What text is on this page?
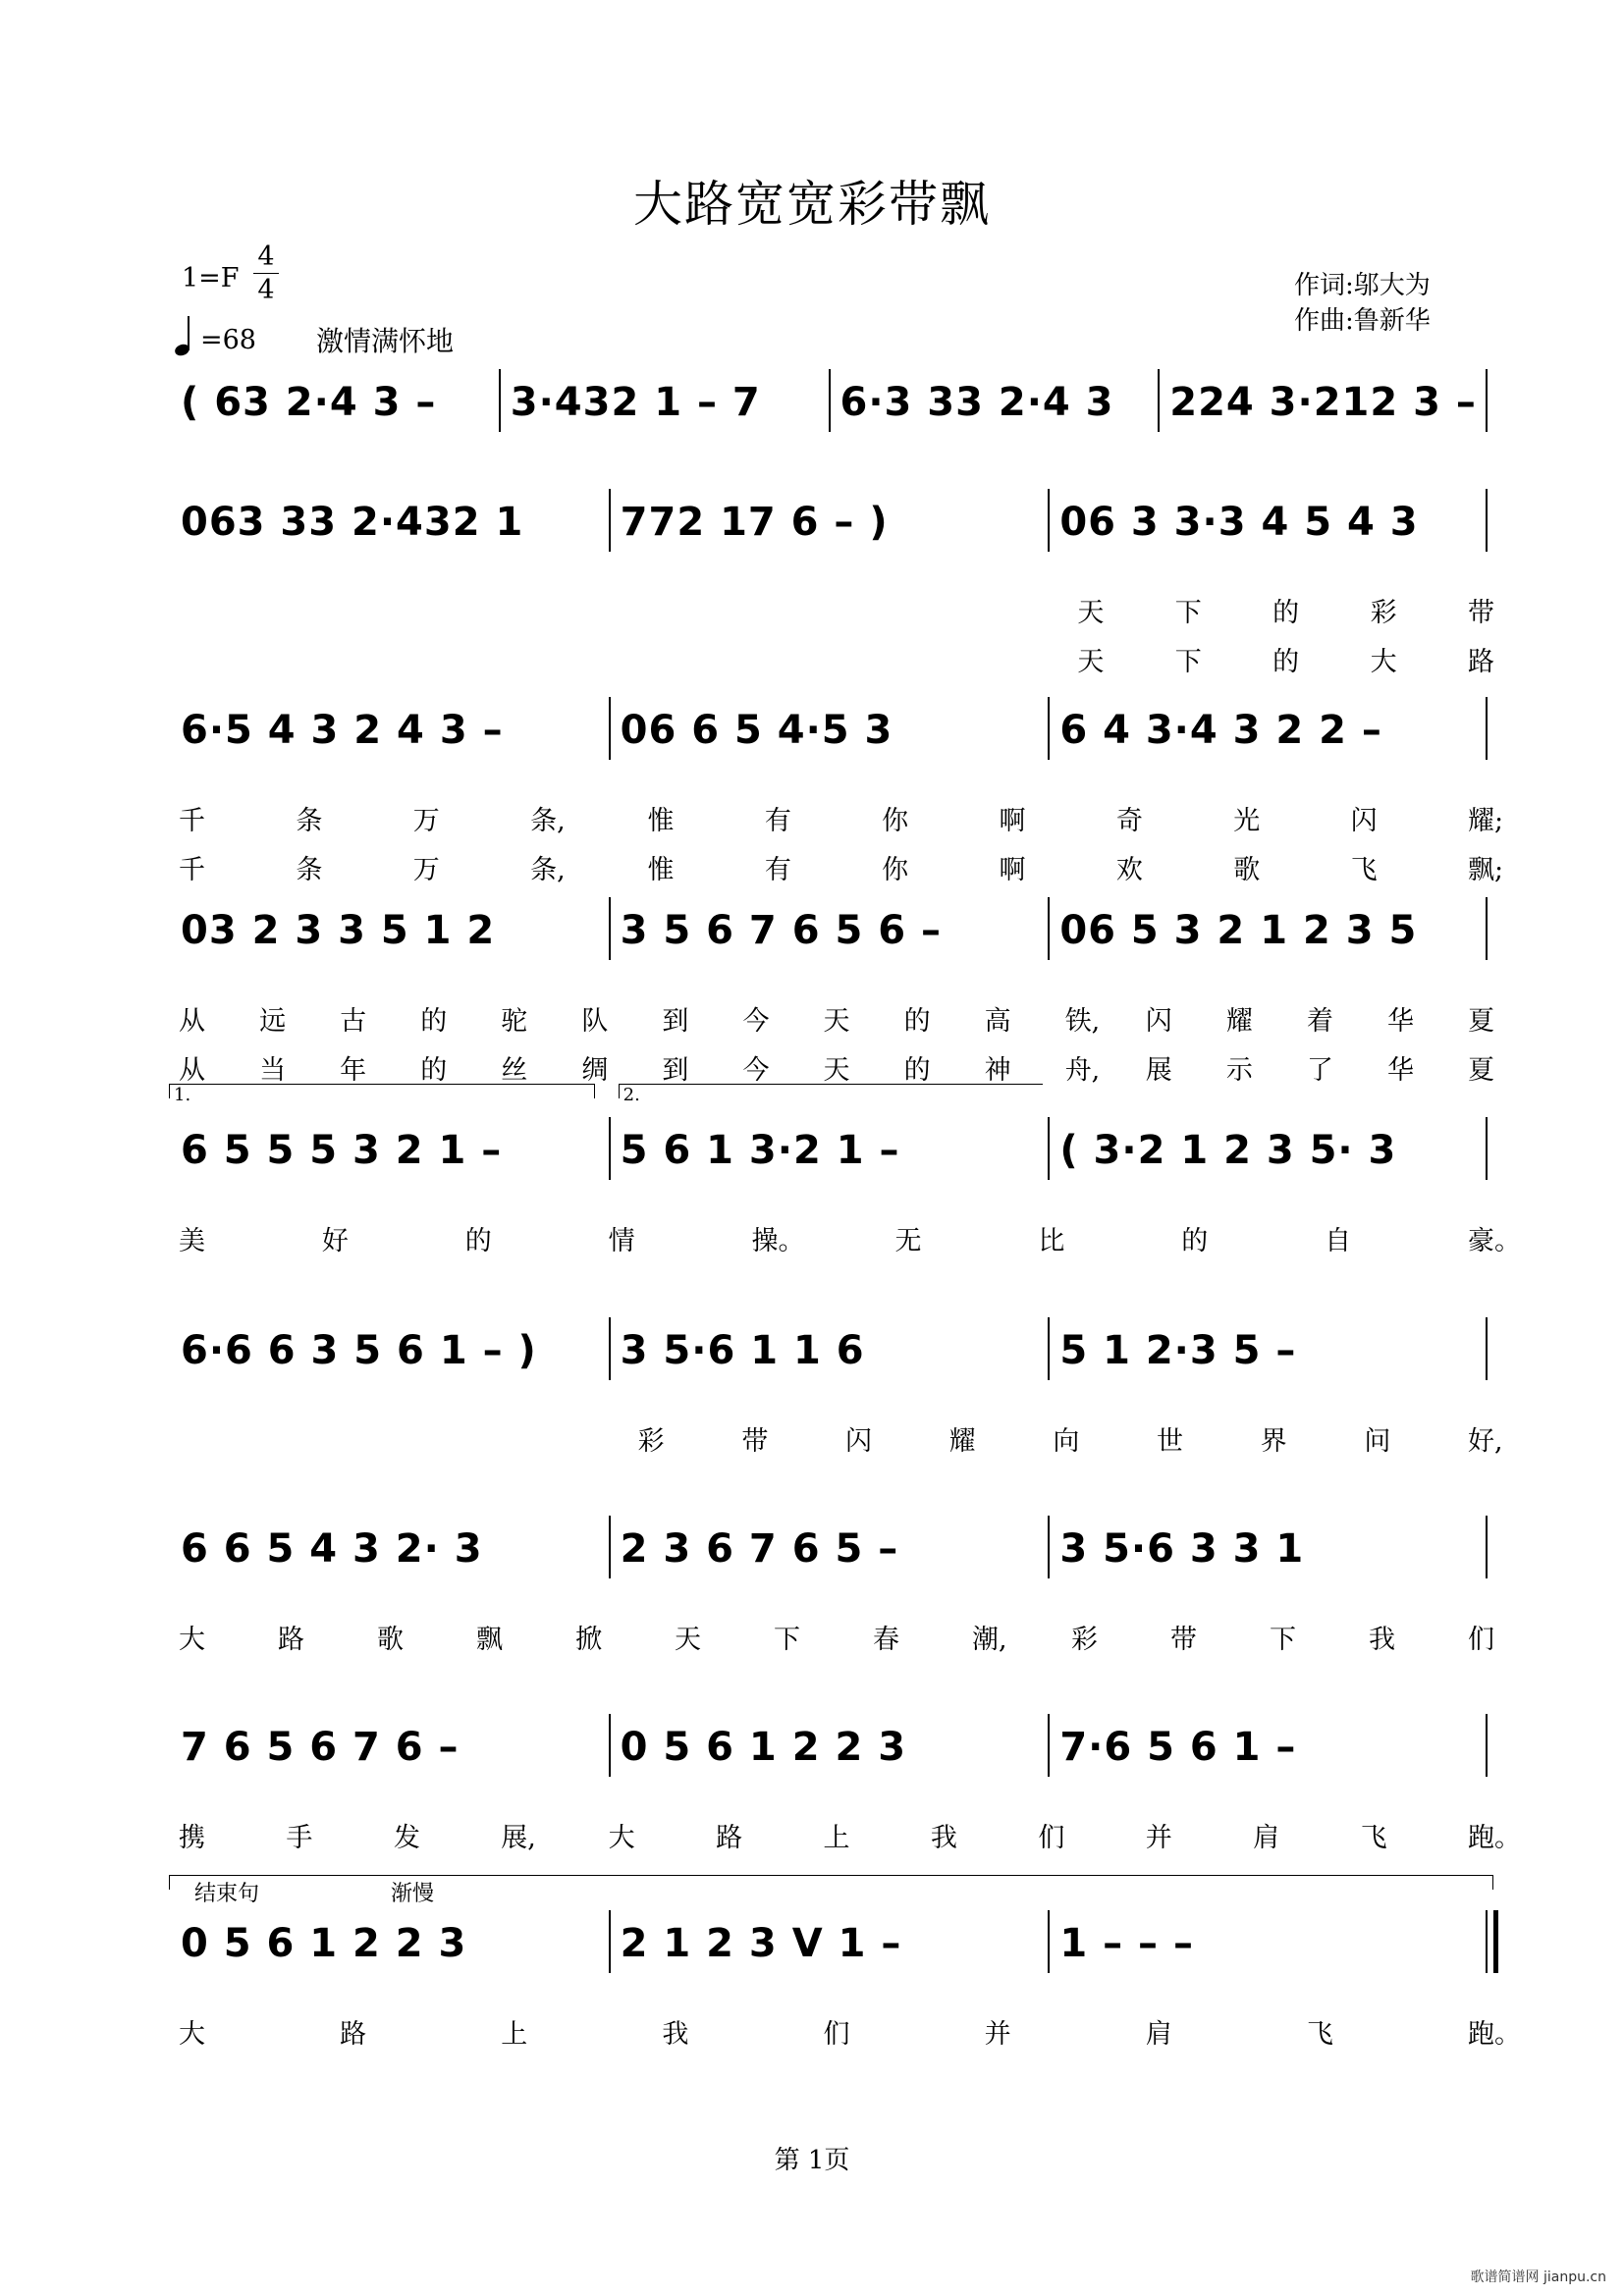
大路宽宽彩带飘
1=F
4
4
=68 激情满怀地
作词:邬大为
作曲:鲁新华
( 63 2·4 3 –	3·432 1 – 7	6·3 33 2·4 3	224 3·212 3 –
063 33 2·432 1	772 17 6 – )	06 3 3·3 4 5 4 3
天	下	的	彩	带
天	下	的	大	路
6·5 4 3 2 4 3 –	06 6 5 4·5 3	6 4 3·4 3 2 2 –
千	条	万	条,	惟	有	你	啊	奇	光	闪	耀;
千	条	万	条,	惟	有	你	啊	欢	歌	飞	飘;
03 2 3 3 5 1 2	3 5 6 7 6 5 6 –	06 5 3 2 1 2 3 5
从 远 古 的 驼 队 到 今 天 的 高 铁, 闪 耀 着 华 夏
从 当 年 的 丝 绸 到 今 天 的 神 舟, 展 示 了 华 夏
1.	2.
6 5 5 5 3 2 1 –	5 6 1 3·2 1 –	( 3·2 1 2 3 5· 3
美	好	的	情	操。	无	比	的	自	豪。
6·6 6 3 5 6 1 – )	3 5·6 1 1 6	5 1 2·3 5 –
彩	带	闪	耀	向	世	界	问	好,
6 6 5 4 3 2· 3	2 3 6 7 6 5 –	3 5·6 3 3 1
大	路	歌	飘	掀	天	下	春	潮, 彩	带	下	我	们
7 6 5 6 7 6 –	0 5 6 1 2 2 3	7·6 5 6 1 –
携	手	发	展,	大	路	上	我	们	并	肩	飞	跑。
结束句	渐慢
0 5 6 1 2 2 3	2 1 2 3 V 1 –	1 – – –
大	路	上	我	们	并	肩	飞	跑。
第 1页
歌谱简谱网 jianpu.cn
